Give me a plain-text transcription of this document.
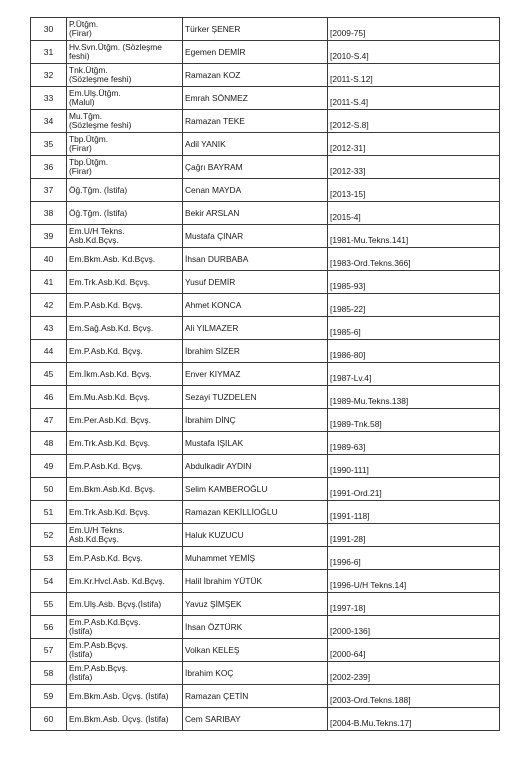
30	P.Ütğm.
(Firar)	Türker ŞENER	[2009-75]
31	Hv.Svn.Ütğm. (Sözleşme
feshi)	Egemen DEMİR	[2010-S.4]
32	Tnk.Ütğm.
(Sözleşme feshi)	Ramazan KOZ	[2011-S.12]
33	Em.Ulş.Ütğm.
(Malul)	Emrah SÖNMEZ	[2011-S.4]
34	Mu.Tğm.
(Sözleşme feshi)	Ramazan TEKE	[2012-S.8]
35	Tbp.Ütğm.
(Firar)	Adil YANIK	[2012-31]
36	Tbp.Ütğm.
(Firar)	Çağrı BAYRAM	[2012-33]
37	Öğ.Tğm. (İstifa)	Cenan MAYDA	[2013-15]
38	Öğ.Tğm. (İstifa)	Bekir ARSLAN	[2015-4]
39	Em.U/H Tekns.
Asb.Kd.Bçvş.	Mustafa ÇINAR	[1981-Mu.Tekns.141]
40	Em.Bkm.Asb. Kd.Bçvş.	İhsan DURBABA	[1983-Ord.Tekns.366]
41	Em.Trk.Asb.Kd. Bçvş.	Yusuf DEMİR	[1985-93]
42	Em.P.Asb.Kd. Bçvş.	Ahmet KONCA	[1985-22]
43	Em.Sağ.Asb.Kd. Bçvş.	Ali YILMAZER	[1985-6]
44	Em.P.Asb.Kd. Bçvş.	İbrahim SİZER	[1986-80]
45	Em.İkm.Asb.Kd. Bçvş.	Enver KIYMAZ	[1987-Lv.4]
46	Em.Mu.Asb.Kd. Bçvş.	Sezayi TUZDELEN	[1989-Mu.Tekns.138]
47	Em.Per.Asb.Kd. Bçvş.	İbrahim DİNÇ	[1989-Tnk.58]
48	Em.Trk.Asb.Kd. Bçvş.	Mustafa IŞILAK	[1989-63]
49	Em.P.Asb.Kd. Bçvş.	Abdulkadir AYDIN	[1990-111]
50	Em.Bkm.Asb.Kd. Bçvş.	Selim KAMBEROĞLU	[1991-Ord.21]
51	Em.Trk.Asb.Kd. Bçvş.	Ramazan KEKİLLİOĞLU	[1991-118]
52	Em.U/H Tekns.
Asb.Kd.Bçvş.	Haluk KUZUCU	[1991-28]
53	Em.P.Asb.Kd. Bçvş.	Muhammet YEMİŞ	[1996-6]
54	Em.Kr.Hvcl.Asb. Kd.Bçvş.	Halil İbrahim YÜTÜK	[1996-U/H Tekns.14]
55	Em.Ulş.Asb. Bçvş.(İstifa)	Yavuz ŞİMŞEK	[1997-18]
56	Em.P.Asb.Kd.Bçvş.
(İstifa)	İhsan ÖZTÜRK	[2000-136]
57	Em.P.Asb.Bçvş.
(İstifa)	Volkan KELEŞ	[2000-64]
58	Em.P.Asb.Bçvş.
(İstifa)	İbrahim KOÇ	[2002-239]
59	Em.Bkm.Asb. Üçvş. (İstifa)	Ramazan ÇETİN	[2003-Ord.Tekns.188]
60	Em.Bkm.Asb. Üçvş. (İstifa)	Cem SARIBAY	[2004-B.Mu.Tekns.17]
